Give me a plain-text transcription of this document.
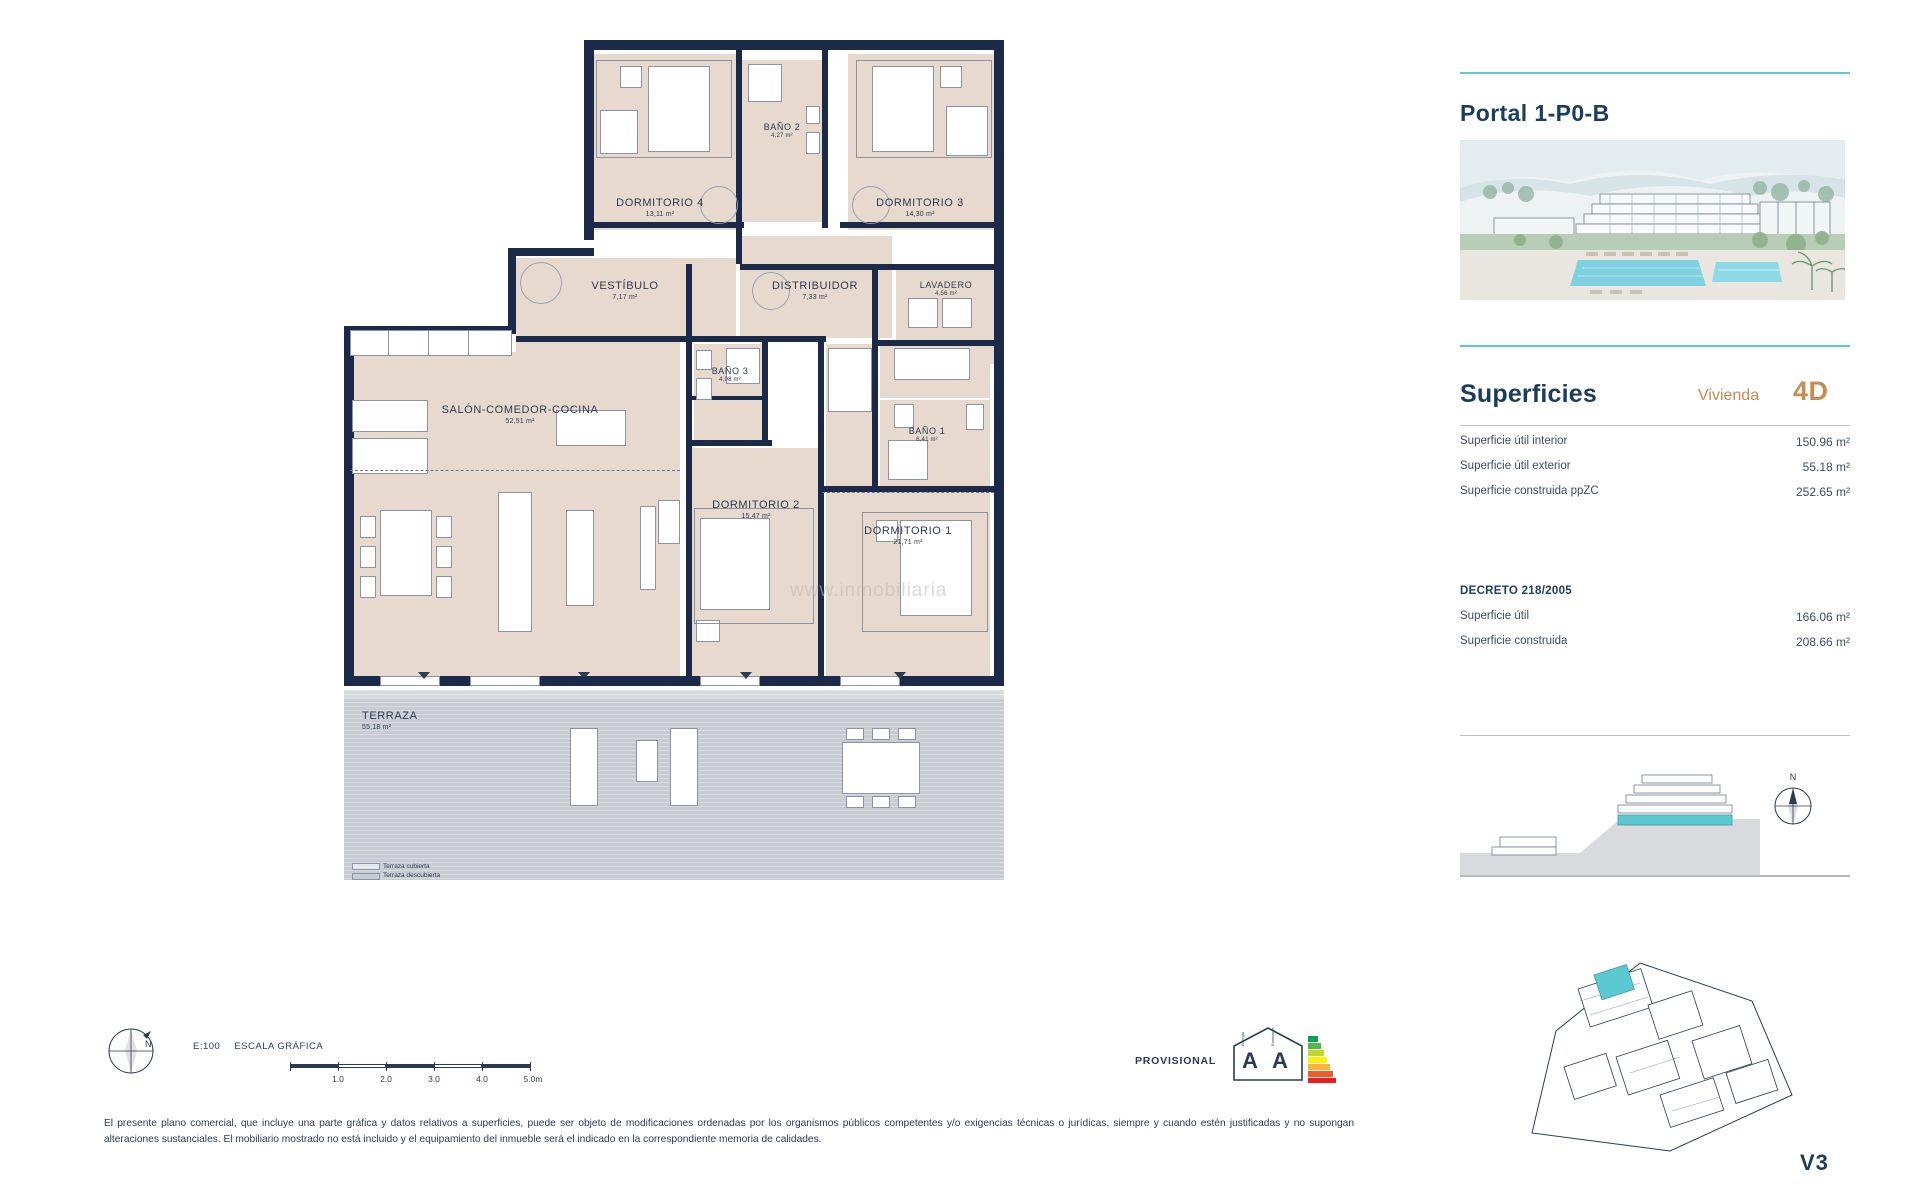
Terraza cubierta
Terraza descubierta
DORMITORIO 4
13,11 m²
BAÑO 2
4,27 m²
DORMITORIO 3
14,30 m²
VESTÍBULO
7,17 m²
DISTRIBUIDOR
7,33 m²
LAVADERO
4,56 m²
SALÓN-COMEDOR-COCINA
52,51 m²
BAÑO 3
4,08 m²
BAÑO 1
6,41 m²
DORMITORIO 2
15,47 m²
DORMITORIO 1
21,71 m²
TERRAZA
55,18 m²
www.inmobiliaria
N	E:100 ESCALA GRÁFICA
1.0	2.0	3.0	4.0	5.0m
PROVISIONAL A A
Energía	Emisiones
El presente plano comercial, que incluye una parte gráfica y datos relativos a superficies, puede ser objeto de modificaciones ordenadas por los organismos públicos competentes y/o exigencias técnicas o jurídicas, siempre y cuando estén justificadas y no supongan alteraciones sustanciales. El mobiliario mostrado no está incluido y el equipamiento del inmueble será el indicado en la correspondiente memoria de calidades.
Portal 1-P0-B
Superficies	Vivienda 4D
Superficie útil interior	150.96 m²
Superficie útil exterior	55.18 m²
Superficie construida ppZC	252.65 m²
DECRETO 218/2005
Superficie útil	166.06 m²
Superficie construida	208.66 m²
N
V3
